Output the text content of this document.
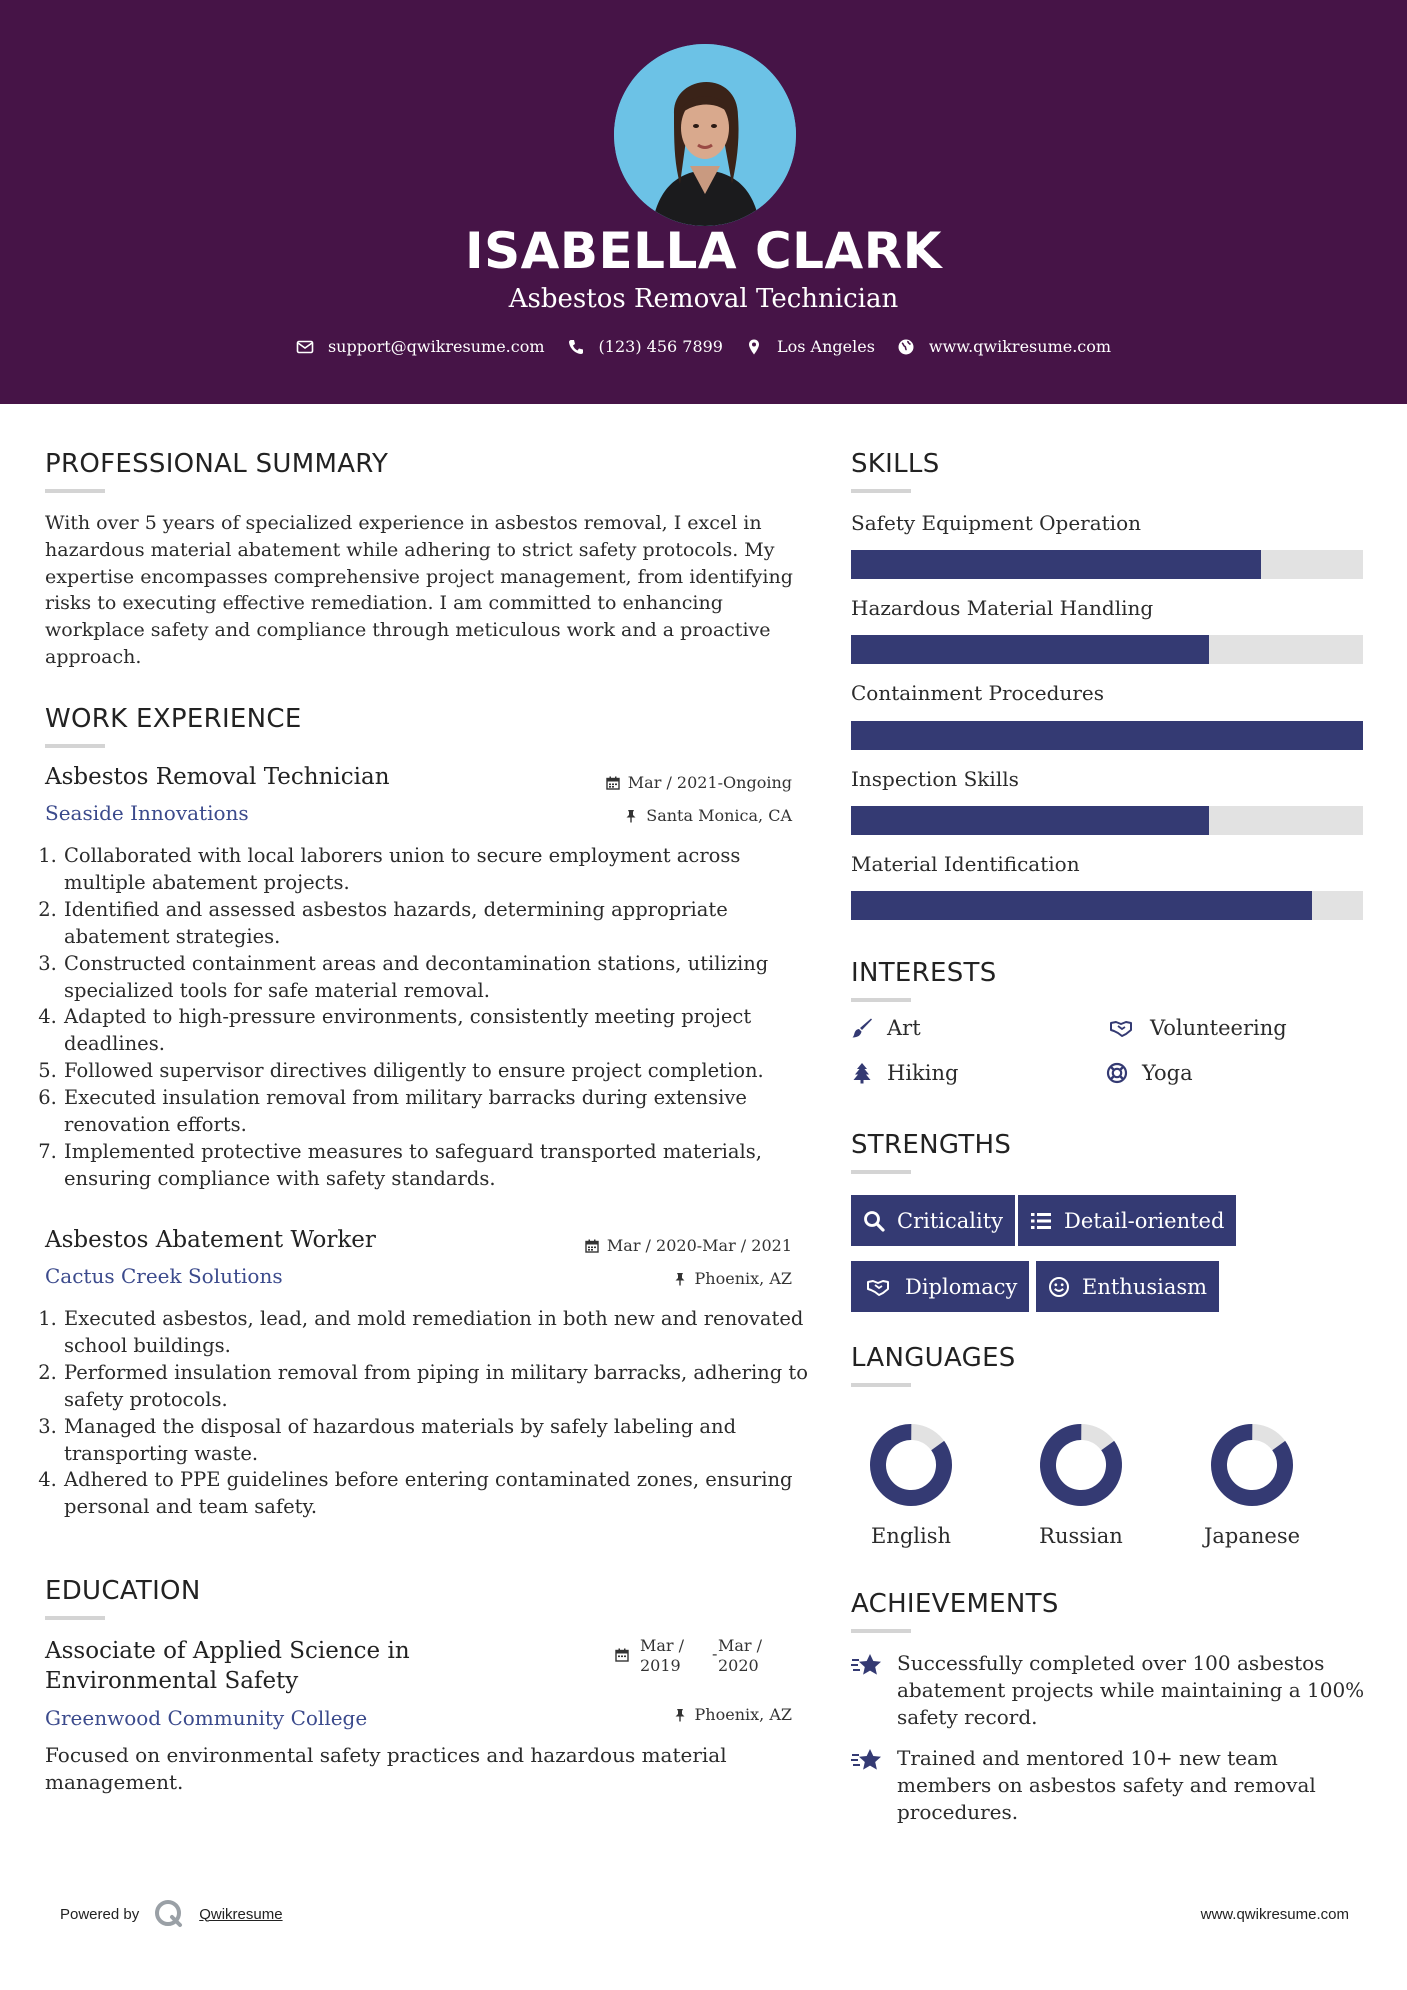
ISABELLA CLARK
Asbestos Removal Technician
support@qwikresume.com	(123) 456 7899	Los Angeles	www.qwikresume.com
PROFESSIONAL SUMMARY
With over 5 years of specialized experience in asbestos removal, I excel in hazardous material abatement while adhering to strict safety protocols. My expertise encompasses comprehensive project management, from identifying risks to executing effective remediation. I am committed to enhancing workplace safety and compliance through meticulous work and a proactive approach.
WORK EXPERIENCE
Asbestos Removal Technician
Seaside Innovations
Mar / 2021-Ongoing
Santa Monica, CA
1. Collaborated with local laborers union to secure employment across multiple abatement projects.
2. Identified and assessed asbestos hazards, determining appropriate abatement strategies.
3. Constructed containment areas and decontamination stations, utilizing specialized tools for safe material removal.
4. Adapted to high-pressure environments, consistently meeting project deadlines.
5. Followed supervisor directives diligently to ensure project completion.
6. Executed insulation removal from military barracks during extensive renovation efforts.
7. Implemented protective measures to safeguard transported materials, ensuring compliance with safety standards.
Asbestos Abatement Worker
Cactus Creek Solutions
Mar / 2020-Mar / 2021
Phoenix, AZ
1. Executed asbestos, lead, and mold remediation in both new and renovated school buildings.
2. Performed insulation removal from piping in military barracks, adhering to safety protocols.
3. Managed the disposal of hazardous materials by safely labeling and transporting waste.
4. Adhered to PPE guidelines before entering contaminated zones, ensuring personal and team safety.
EDUCATION
Associate of Applied Science in Environmental Safety
Greenwood Community College
Mar /
2019
- Mar /
2020
Phoenix, AZ
Focused on environmental safety practices and hazardous material management.
SKILLS
Safety Equipment Operation
Hazardous Material Handling
Containment Procedures
Inspection Skills
Material Identification
INTERESTS
Art	Volunteering
Hiking	Yoga
STRENGTHS
Criticality	Detail-oriented
Diplomacy	Enthusiasm
LANGUAGES
English	Russian	Japanese
ACHIEVEMENTS
Successfully completed over 100 asbestos abatement projects while maintaining a 100% safety record.
Trained and mentored 10+ new team members on asbestos safety and removal procedures.
Powered by	Qwikresume	www.qwikresume.com
